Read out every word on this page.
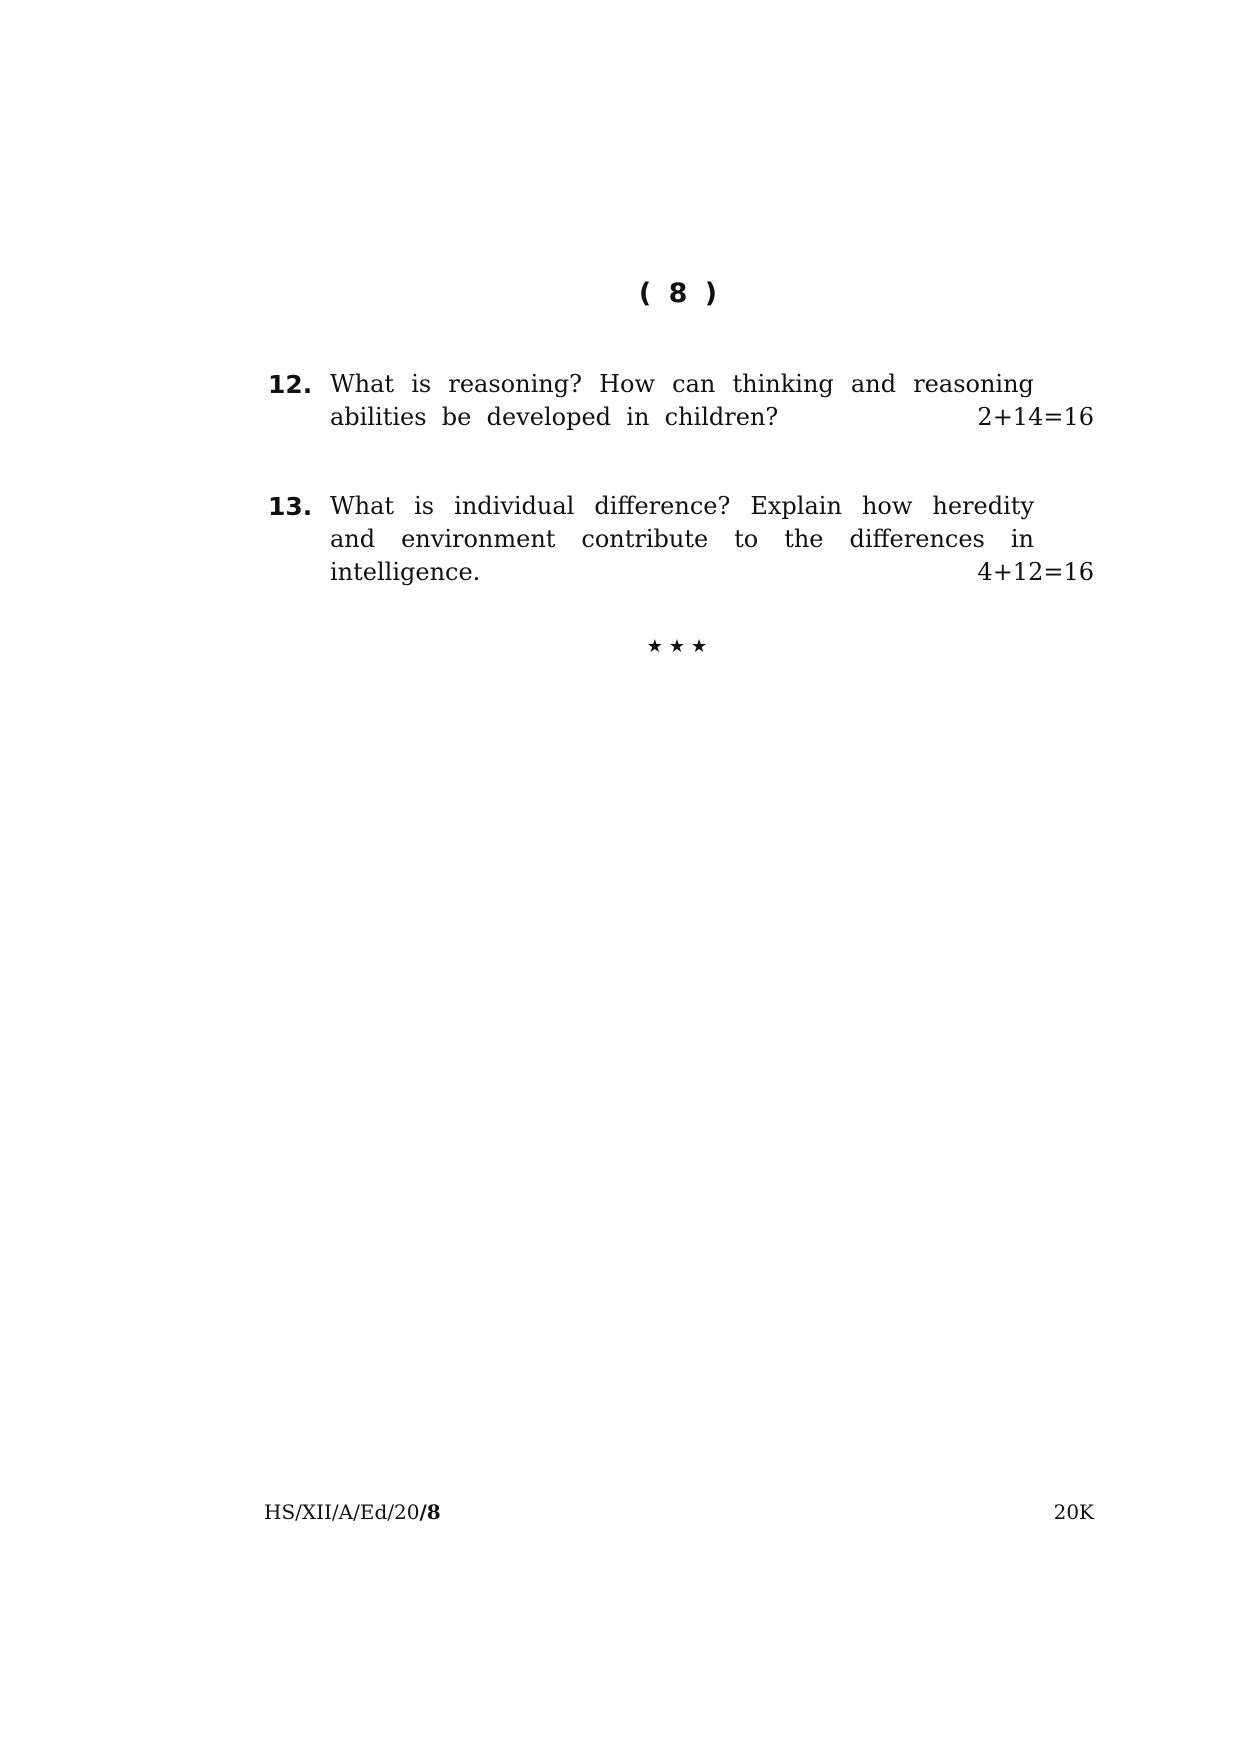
( 8 )
12. What is reasoning? How can thinking and reasoning
abilities  be  developed  in  children?	2+14=16
13. What is individual difference? Explain how heredity
and environment contribute to the differences in
intelligence.	4+12=16
★★★
HS/XII/A/Ed/20/8	20K
